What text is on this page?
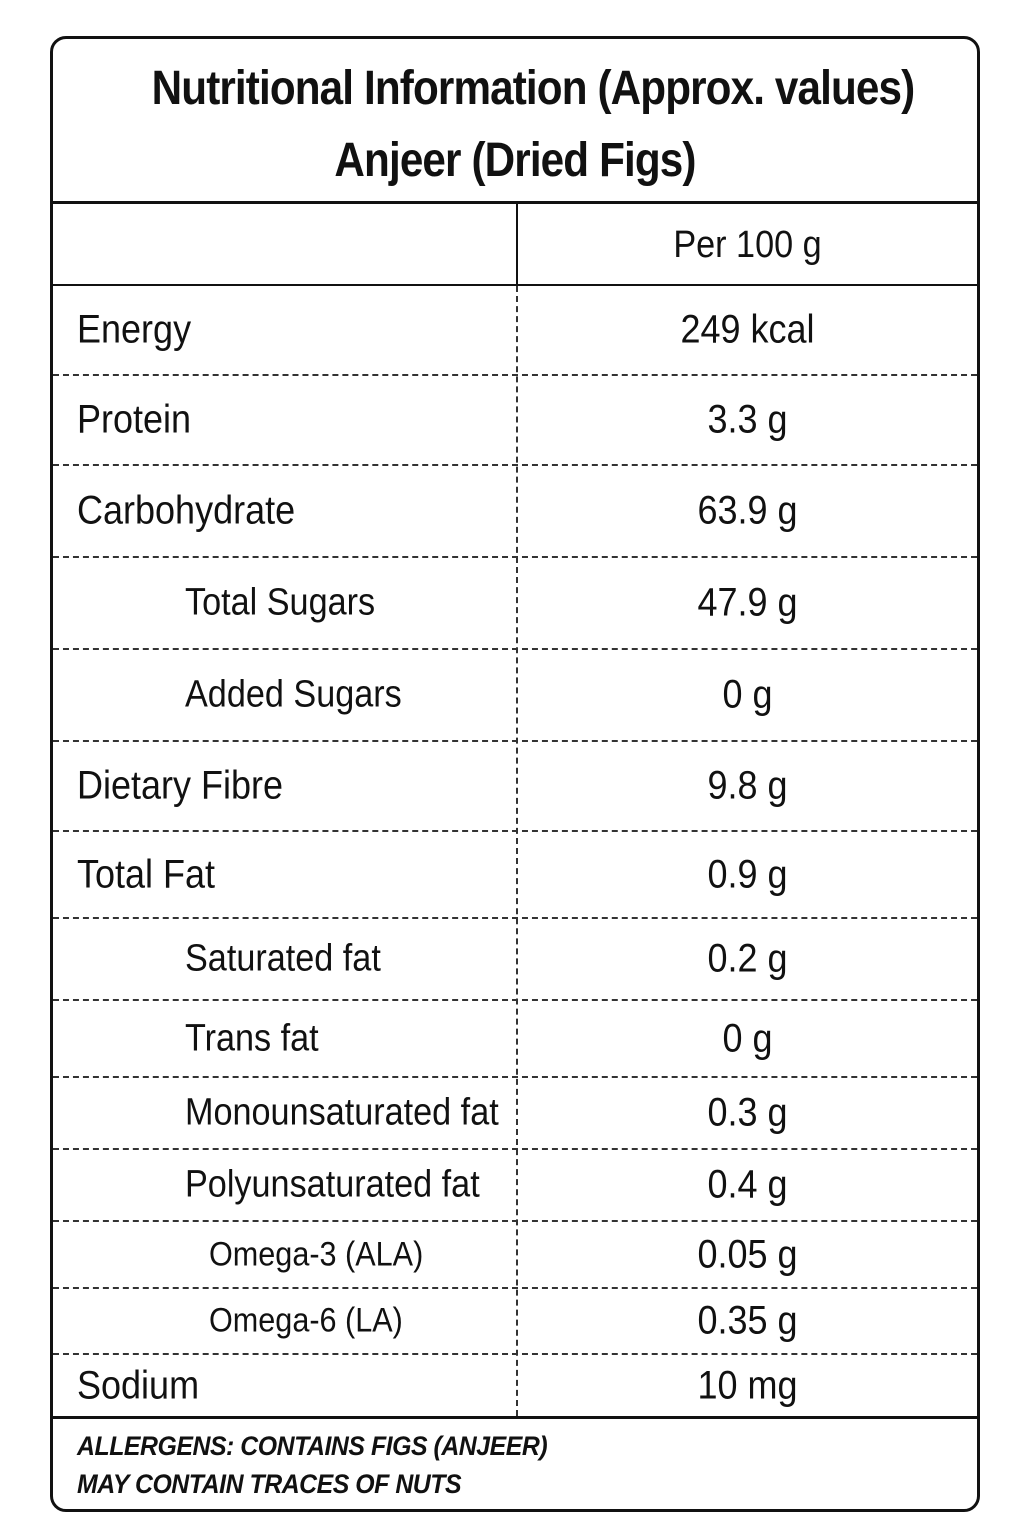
Nutritional Information (Approx. values)
Anjeer (Dried Figs)
Per 100 g
Energy	249 kcal
Protein	3.3 g
Carbohydrate	63.9 g
Total Sugars	47.9 g
Added Sugars	0 g
Dietary Fibre	9.8 g
Total Fat	0.9 g
Saturated fat	0.2 g
Trans fat	0 g
Monounsaturated fat	0.3 g
Polyunsaturated fat	0.4 g
Omega-3 (ALA)	0.05 g
Omega-6 (LA)	0.35 g
Sodium	10 mg
ALLERGENS: CONTAINS FIGS (ANJEER)
MAY CONTAIN TRACES OF NUTS
